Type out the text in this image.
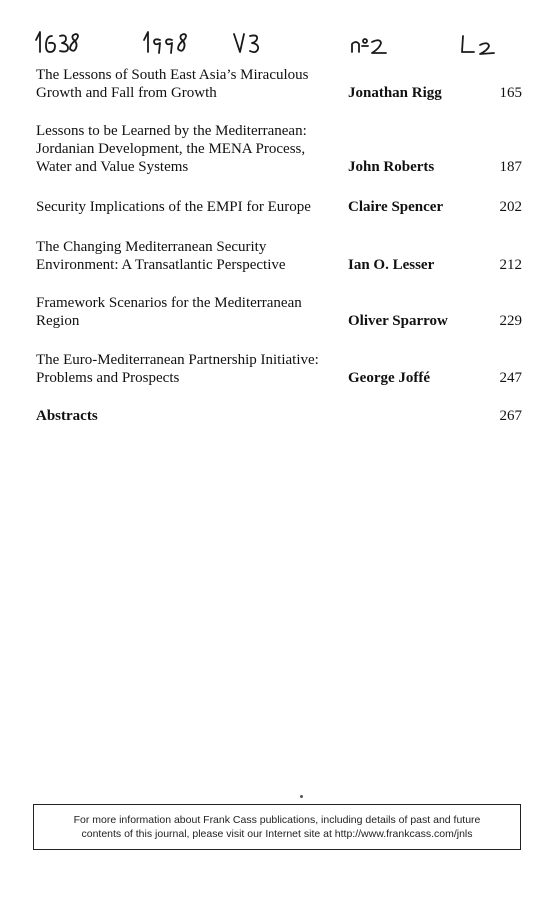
The Lessons of South East Asia’s Miraculous
Growth and Fall from Growth	Jonathan Rigg	165
Lessons to be Learned by the Mediterranean:
Jordanian Development, the MENA Process,
Water and Value Systems	John Roberts	187
Security Implications of the EMPI for Europe	Claire Spencer	202
The Changing Mediterranean Security
Environment: A Transatlantic Perspective	Ian O. Lesser	212
Framework Scenarios for the Mediterranean
Region	Oliver Sparrow	229
The Euro-Mediterranean Partnership Initiative:
Problems and Prospects	George Joffé	247
Abstracts	267
For more information about Frank Cass publications, including details of past and future
contents of this journal, please visit our Internet site at http://www.frankcass.com/jnls
